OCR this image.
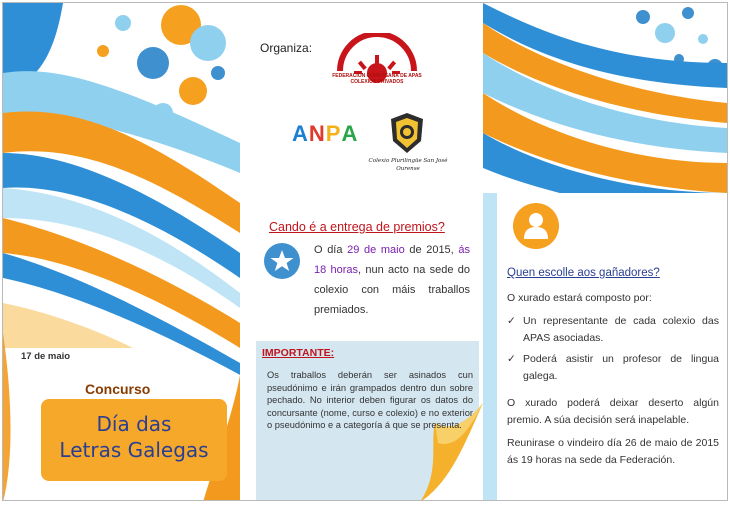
17 de maio
Concurso
Día das
Letras Galegas
Organiza:
FEDERACIÓN OURENSANA DE APAS COLEXIOS PRIVADOS
ANPA
Colexio Plurilingüe San José
Ourense
Cando é a entrega de premios?
O día 29 de maio de 2015, ás 18 horas, nun acto na sede do colexio con máis traballos premiados.
IMPORTANTE:
Os traballos deberán ser asinados cun pseudónimo e irán grampados dentro dun sobre pechado. No interior deben figurar os datos do concursante (nome, curso e colexio) e no exterior o pseudónimo e a categoría á que se presenta.
Quen escolle aos gañadores?
O xurado estará composto por:
✓ Un representante de cada colexio das APAS asociadas.
✓ Poderá asistir un profesor de lingua galega.
O xurado poderá deixar deserto algún premio. A súa decisión será inapelable.
Reunirase o vindeiro día 26 de maio de 2015 ás 19 horas na sede da Federación.
